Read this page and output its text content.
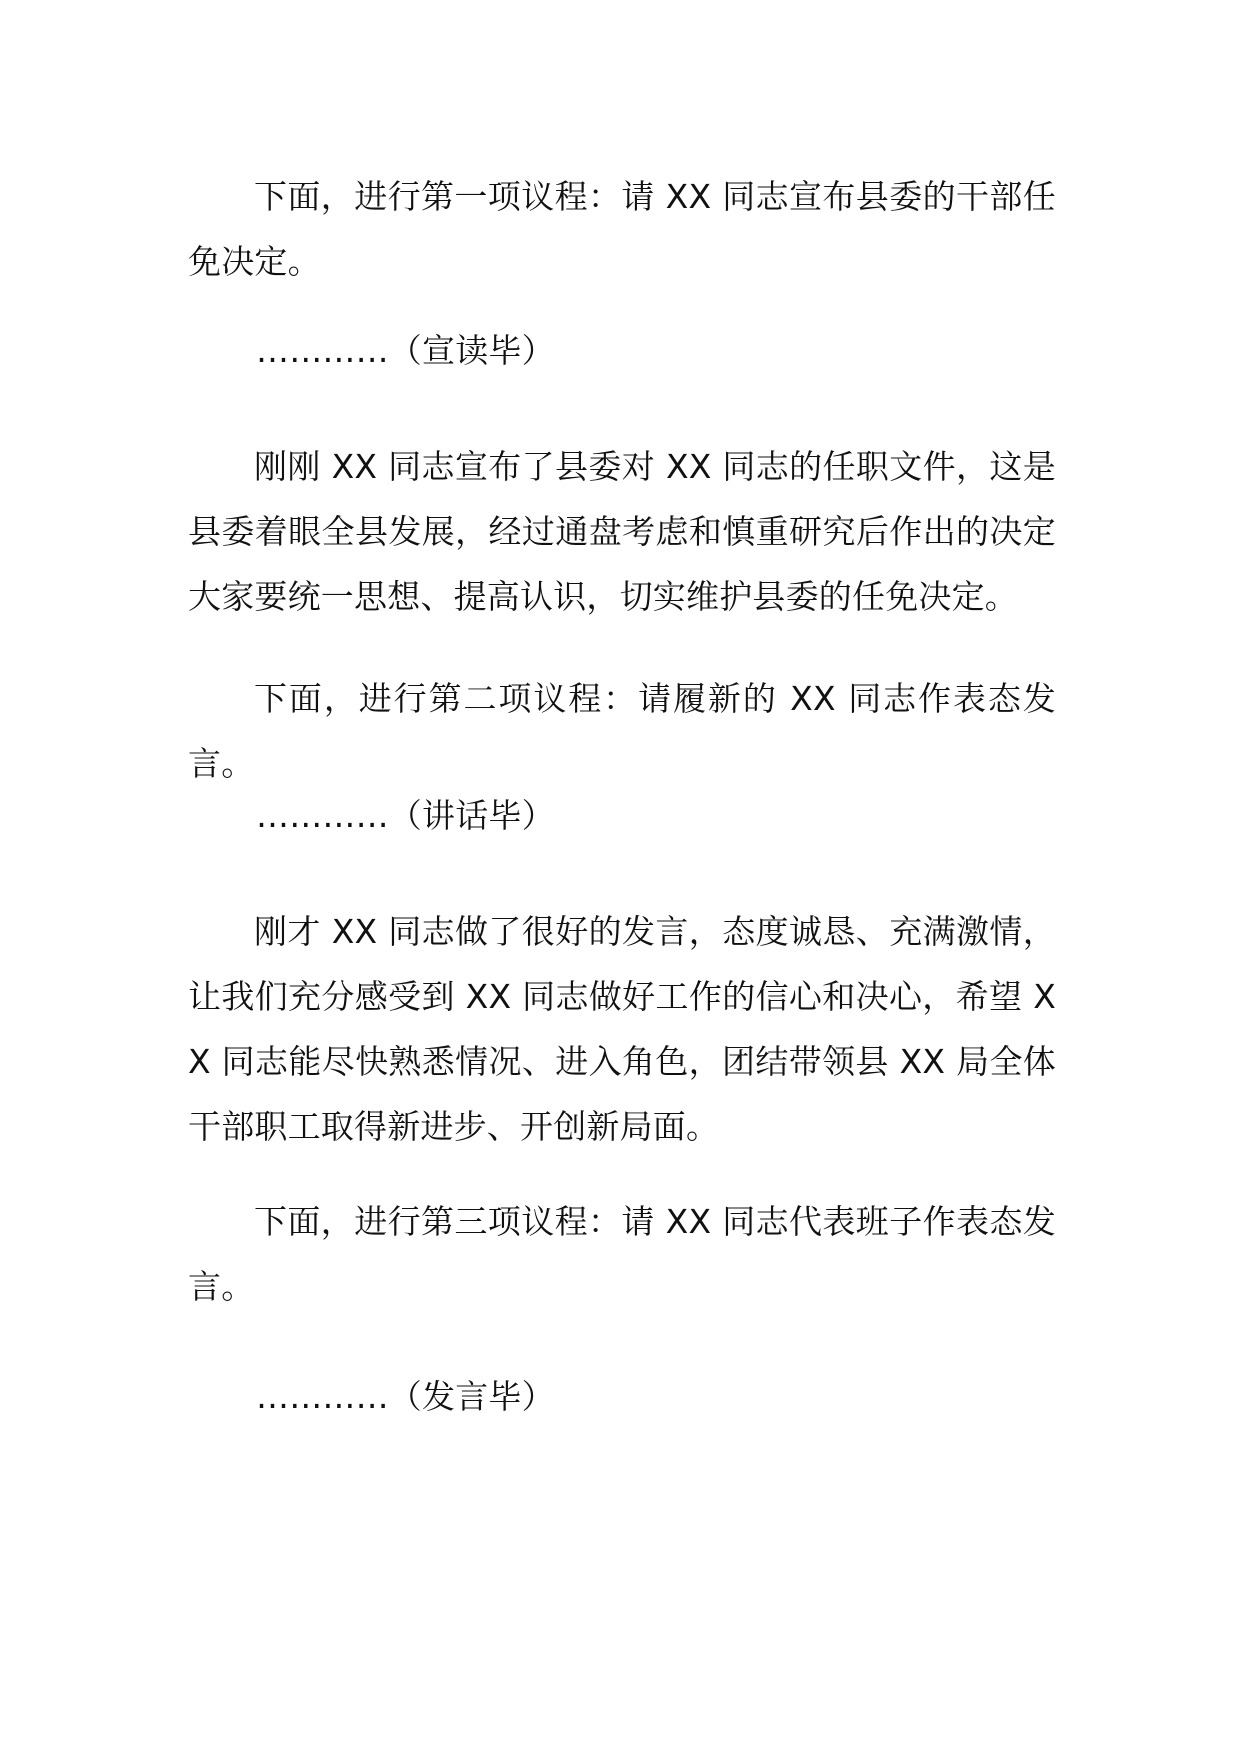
下面，进行第一项议程：请 XX 同志宣布县委的干部任免决定。

…………（宣读毕）

刚刚 XX 同志宣布了县委对 XX 同志的任职文件，这是县委着眼全县发展，经过通盘考虑和慎重研究后作出的决定大家要统一思想、提高认识，切实维护县委的任免决定。

下面，进行第二项议程：请履新的 XX 同志作表态发言。

…………（讲话毕）

刚才 XX 同志做了很好的发言，态度诚恳、充满激情，让我们充分感受到 XX 同志做好工作的信心和决心，希望 XX 同志能尽快熟悉情况、进入角色，团结带领县 XX 局全体干部职工取得新进步、开创新局面。

下面，进行第三项议程：请 XX 同志代表班子作表态发言。

…………（发言毕）
